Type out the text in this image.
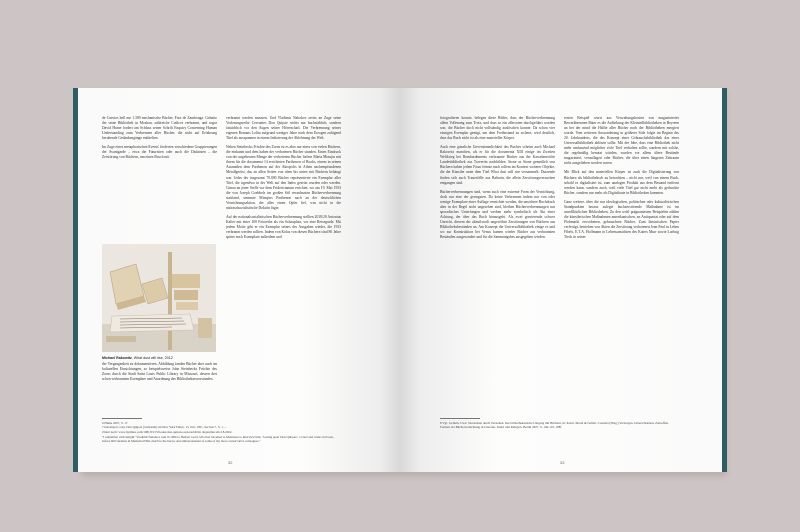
de Cuestos hell me 1.300 mechanische Bücher, Fass de Zambonga. Gehatto der seine Bibliothek in Moskau, zahlreiche Codices verbrannt, und sogar David Hume fordert am Schluss seiner Schrift Enquiry Concerning Human Understanding zum Verbrennen aller Bücher, die nicht auf Erfahrung beruhende Gedankengänge enthielten.

Im Zuge eines metaphorischen Events' förderten verschiedene Gruppierungen der Avantgarde – etwa die Futuristen oder auch die Dadaisten – die Zerstörung von Büchern, um einen Bruch mit

Michael Rakowitz, What dust will rise, 2012

der Vergangenheit zu dokumentieren. Abbildung fanden Bücher aber auch im kulturellen Einsichtungen, so beispielsweise John Steinbecks Früchte des Zorns durch die Stadt Saint Louis Public Library in Missouri, dessen drei schon verbrannten Exemplare und Anordnung des Bibliothekarsvorstandes.

verbrannt werden mussten. Und Vladimir Nabokov zeriss an Zuge seine Vorlesungsreihe Cervantes Don Quijote nichts nur buchstäblich, sondern tatsächlich vor den Augen seiner Hörerschaft. Die Verbrennung seines eigenen Romans Lolita aufgrund weniger Jahre nach dem Erzogen zufügend Titel als ausspannen in einem Indizierung der Ablehnung der Welt.

Neben Steinbecks Früchte des Zorns ist es aber nur eines von vielen Büchern, die einkannt und dem haben der verbotenen Bücher standen. Einen Eindruck von der ungeheuren Menge der verbotenen Bücher liefern Marta Minujin mit ihrem für die documenta 14 errichteten Parthenon of Books, einem in seinen Ausmaßen dem Parthenon auf der Akropolis in Athen nachempfundenen Metallgerüst, das an allen Seiten von oben bis unten mit Büchern behängt war. Jedes der insgesamt 70.000 Bücher repräsentierte ein Exemplar aller Titel, die irgendwo in der Welt auf den Index gesetzt wurden oder werden. Genau an jener Stelle vor dem Fridericianum errichtet, wo am 19. Mai 1933 die von Joseph Goebbels im großen Stil veranlassten Bücherverbrennung stattfand, stemmte Minujins Parthenon nach an der deutschlichen Vernichtungsaktion, der alles einen Opfer fiel, was nicht in die nationalsozialistische Doktrin fügte.

Auf der nationalsozialistischen Bücherverbrennung stellten 2018/20 Antonius Kalter mit einer 100 Fotoreihe als ein Schauplatz, vor eine Reiseguide. Mit jedem Motiv gibt er ein Exemplar seines des Ausgaben wieder, die 1933 verbrannt werden sollten. Indem von Kolas von diesen Büchern sind 80 Jahre später noch Exemplare außerdem und

6 Hume 2007, S. 17.
7 Davenport, Guy. Don Quijote (verbrannt) im New York Times, 15. Juli, 1951, Section 7, S. 1. ...
Zitiert nach: www.nytimes.com/1981/03/15/books/don-quixote-restored.html, abgerufen am 2.8.2022.
"I remember with delight" Vladimir Nabokov said in 1966 to Herbert Gold, who had travelled to Montreux to interview him, "tearing apart Don Quixote', a cruel and crude old book, before 600 students in Memorial Hall, much to the horror and embarrassment of some of my more conservative colleagues."
32

fotografieren konnte, belegen diese Bilder, dass der Bücherverbrennung allein Vollenung zum Trotz, und dass so ein allerorten durchgeführt worden war, die Bücher doch nicht vollständig auslöschen konnte. Da schon vier einzigen Exemplar genügt, um dem Fortbestand zu sichern, wird deutlich, dass das Buch nicht ist als eine materieller Körper.

Auch eine gänzliche Unverstimmlichkeit des Buches scheint auch Michael Rakowitz manchen, als er für die documenta XIII einige im Zweiten Weltkrieg bei Bombardements verbrannte Bücher aus der Kasselaneriche Landesbibliothek aus Travertin nachbilden. Stone as Stone gemeißelt von Büchern haben jedem Fasar feinste nach rollem im Kontext weiterer Objekte, die der Künstler unter dem Titel What dust will rise versammelt. Dutzende finden sich auch Trauerfälle aus Bahrain, die allein Zerstörungsversuchen entgangen sind.

Bücherverbrennungen sind, wenn auch eine extreme Form der Vernichtung, doch nur eine der geringsten. Da keine Verbrennen indem nur von oder wenige Exemplare einer Auflage vernichtet werden, die unsichere Buchdruck aber in der Regel nicht ungesehen sind, bleiben Bücherverbrennungen nur sporadisches Unterfangen und werben mehr symbolisch als Akt einer Achtung, der über das Buch hinausgeht. Als zwei gravierende schwer Unrecht, diesem der alteuftworlt ungewöhnt Zerstörungen von Büchern aus Bibliotheksbeständen an. Am Konzept die Universalbibliothek einige es und wo zur Konstruktion bei Venus kamen wieder Bücher aus verbrannten Beständen ausgesondert und für die Sammungsbes ausgegeben werden.

ersten Beispiel wurst aus Verwaltungskosten von magaziniertes Bewerkbrennen Bäter es die Aufhebung der Kleinteilbibliotheken in Beyreen an bei der mind die Hälfte aller Bücher nach der Bibliotheken mergiert wurde. Vom weiteren Aussonderung in größerer Stile folgte im Beginn des 20. Jahrhunderts, die des Konzept einer Gebrauchsbibliothek das einer Universalbibliothek ablösen sollte. Mit der Idee, dass eine Bibliothek nicht mehr umfassend möglicher vicle Titel verhalten sollte, sondern mit solche, die regelmäßig benutzt würden, wurden vor allem ältere Bestände magaziniert, verauflagert oder Bücher, die über einen längeren Zeitraum nicht ausgeliehen worden waren.

Mit Blick auf den materiellen Körper ist auch die Digitalisierung von Büchern als bibliotheksch zu betrachten – nicht nur, weil von einem Buch, sobald es digitalisiert ist, zum analogen Produkt aus dem Bestand entfernt werden kann, sondern auch, weil viele Titel gar nicht mehr als gedruckte Bücher, sondern nur mehr als Digitalisate in Bibliotheken kommen.

Ganz weitere, über die nur ideologischen, politischen oder kulturalistischen Standpunkten heraus zulegte buchzerstörende Maßnahme ist im unvollkürlichen Bibliotheken. Zu den wohl prägnantesten Beispielen zählen die künstlerischen Maßnahmen amerikanischen, an Antiquariat oder auf dem Flohmarkt erworbenen, gebrauchten Bücher. Zum literarischen Papier verfertigt, betrieben von Akten die Zerstörung verbotenen Jean Paul in Leben Fibels, E.T.A. Hoffmann in Lebensansichten des Katers Murr sowie Ludwig Tieck in seiner

8 Vgl. Jochum, Uwe: Verzeichen durch Verstehen. Der bibliothekarische Umgang mit Büchern, in: Kurtz, Moral & Gellett, Cornelia (Hrsg.) Verborgen, Unterschrieben, Zensoffen. Formen der Büchervernichtung in Literatur, Kunst und Religion. Berlin 2007, S. 104-119, 108f.
33
